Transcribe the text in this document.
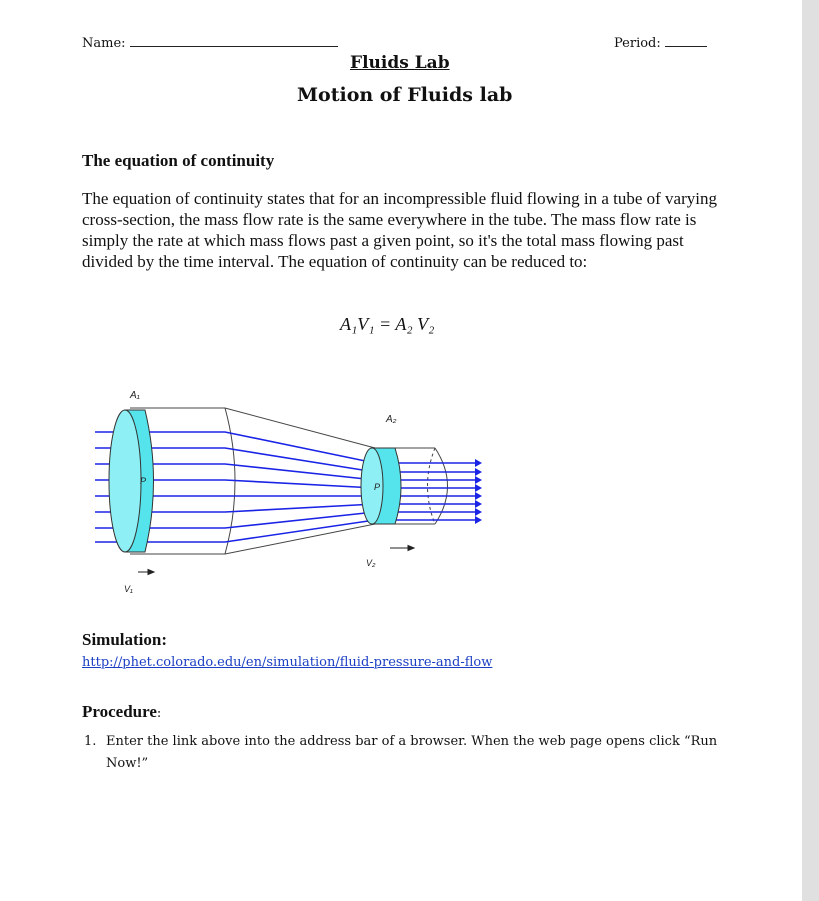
Name:	Period:
Fluids Lab
Motion of Fluids lab
The equation of continuity
The equation of continuity states that for an incompressible fluid flowing in a tube of varying cross-section, the mass flow rate is the same everywhere in the tube. The mass flow rate is simply the rate at which mass flows past a given point, so it's the total mass flowing past divided by the time interval. The equation of continuity can be reduced to:
A₁V₁ = A₂ V₂
A₁
A₂
P
P
V₁
V₂
Simulation:
http://phet.colorado.edu/en/simulation/fluid-pressure-and-flow
Procedure:
1. Enter the link above into the address bar of a browser. When the web page opens click “Run
Now!”
